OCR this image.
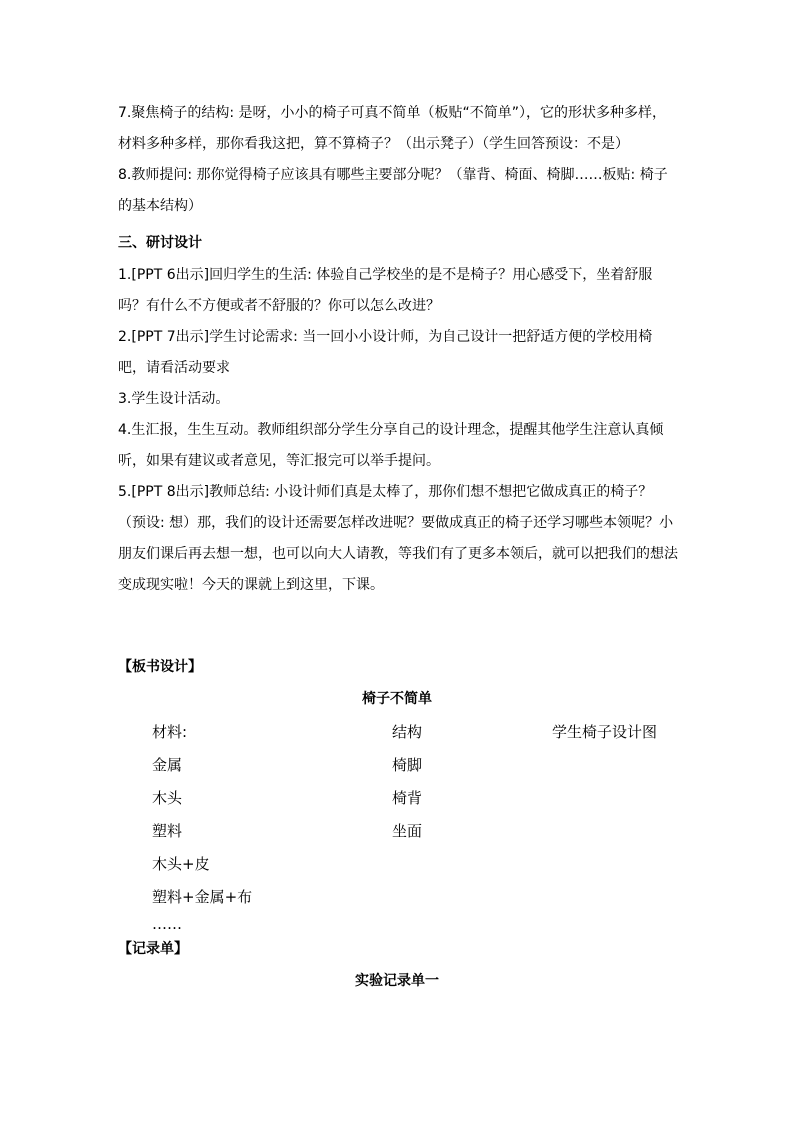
7.聚焦椅子的结构: 是呀，小小的椅子可真不简单（板贴“不简单”），它的形状多种多样，材料多种多样，那你看我这把，算不算椅子？（出示凳子）（学生回答预设：不是）

8.教师提问: 那你觉得椅子应该具有哪些主要部分呢？（靠背、椅面、椅脚……板贴: 椅子的基本结构）

三、研讨设计

1.[PPT 6出示]回归学生的生活: 体验自己学校坐的是不是椅子？用心感受下，坐着舒服吗？有什么不方便或者不舒服的？你可以怎么改进？

2.[PPT 7出示]学生讨论需求: 当一回小小设计师，为自己设计一把舒适方便的学校用椅吧，请看活动要求

3.学生设计活动。

4.生汇报，生生互动。教师组织部分学生分享自己的设计理念，提醒其他学生注意认真倾听，如果有建议或者意见，等汇报完可以举手提问。

5.[PPT 8出示]教师总结: 小设计师们真是太棒了，那你们想不想把它做成真正的椅子？（预设: 想）那，我们的设计还需要怎样改进呢？要做成真正的椅子还学习哪些本领呢？小朋友们课后再去想一想，也可以向大人请教，等我们有了更多本领后，就可以把我们的想法变成现实啦！今天的课就上到这里，下课。

【板书设计】

椅子不简单
材料:
金属
木头
塑料
木头+皮
塑料+金属+布
……
结构
椅脚
椅背
坐面
学生椅子设计图

【记录单】

实验记录单一
